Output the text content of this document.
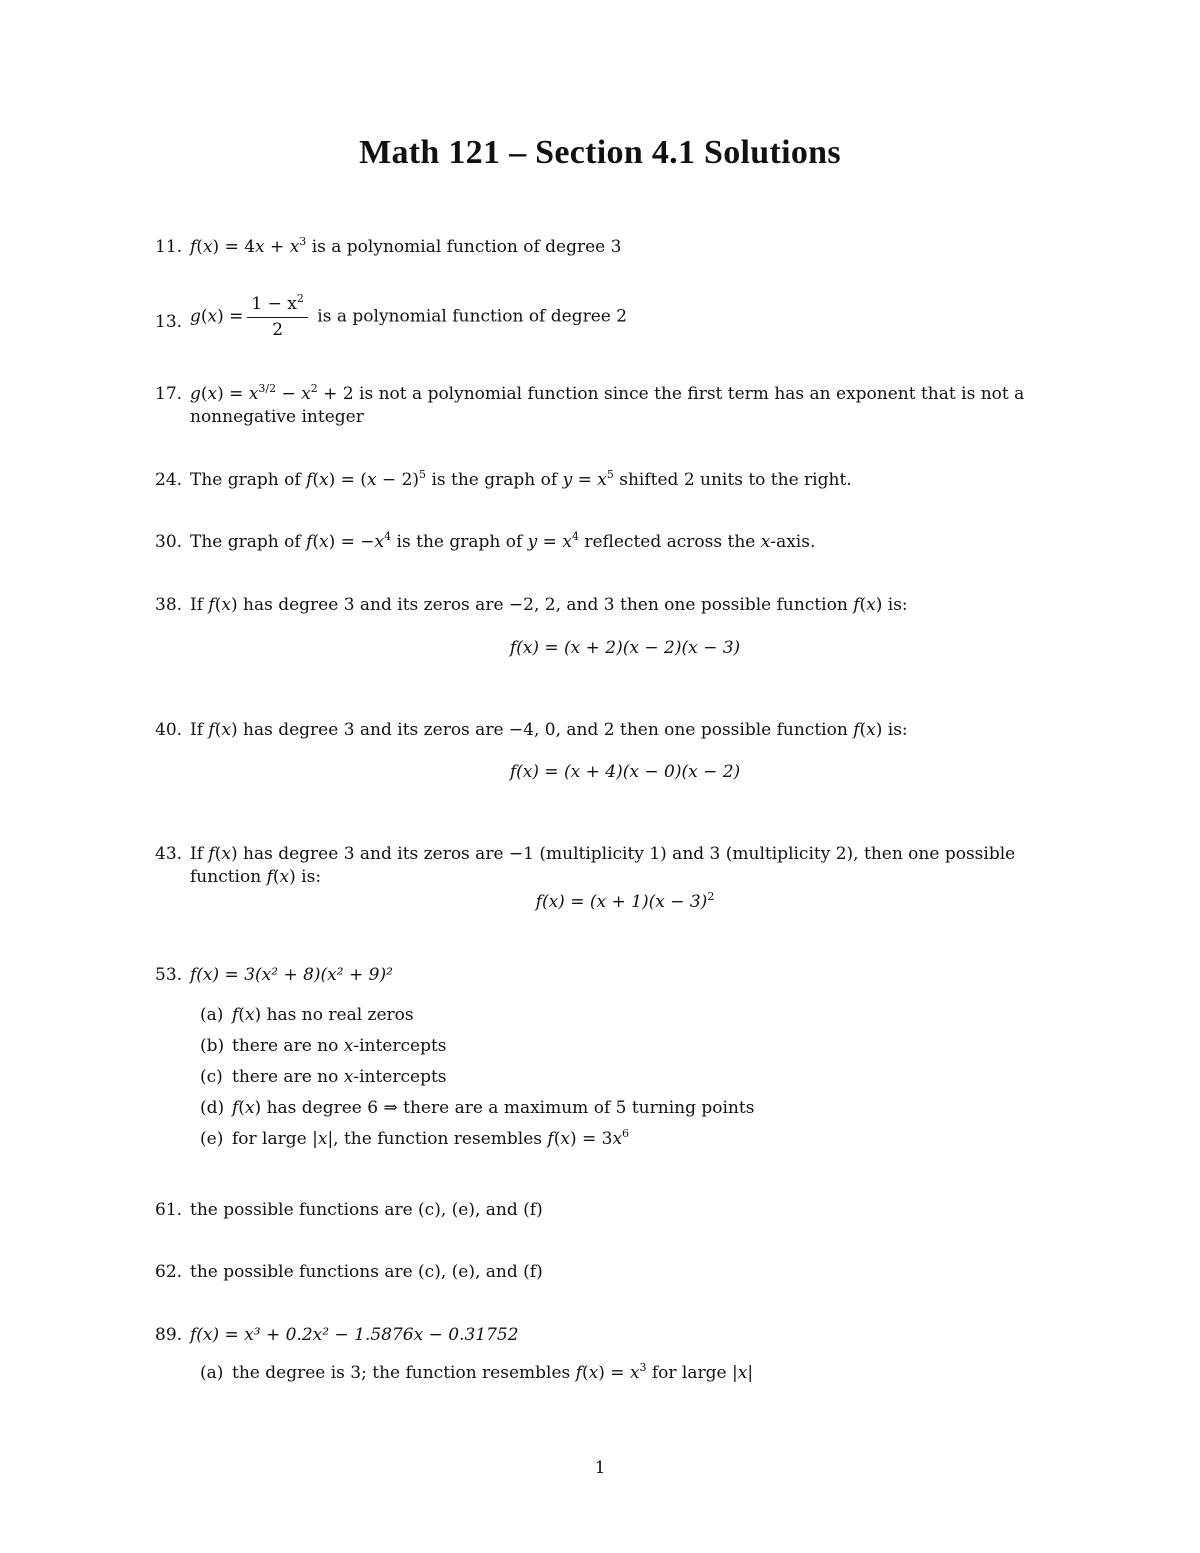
Math 121 – Section 4.1 Solutions
11. $f(x) = 4x + x^3$ is a polynomial function of degree 3
13. $g(x) = \frac{1 - x^2}{2}$ is a polynomial function of degree 2
17. $g(x) = x^{3/2} - x^2 + 2$ is not a polynomial function since the first term has an exponent that is not a
nonnegative integer
24. The graph of $f(x) = (x - 2)^5$ is the graph of $y = x^5$ shifted 2 units to the right.
30. The graph of $f(x) = -x^4$ is the graph of $y = x^4$ reflected across the x-axis.
38. If f(x) has degree 3 and its zeros are −2, 2, and 3 then one possible function f(x) is:
f(x) = (x + 2)(x − 2)(x − 3)
40. If f(x) has degree 3 and its zeros are −4, 0, and 2 then one possible function f(x) is:
f(x) = (x + 4)(x − 0)(x − 2)
43. If f(x) has degree 3 and its zeros are −1 (multiplicity 1) and 3 (multiplicity 2), then one possible
function f(x) is:
$f(x) = (x + 1)(x - 3)^2$
53. f(x) = 3(x² + 8)(x² + 9)²
(a) f(x) has no real zeros
(b) there are no x-intercepts
(c) there are no x-intercepts
(d) f(x) has degree 6 ⇒ there are a maximum of 5 turning points
(e) for large |x|, the function resembles $f(x) = 3x^6$
61. the possible functions are (c), (e), and (f)
62. the possible functions are (c), (e), and (f)
89. f(x) = x³ + 0.2x² − 1.5876x − 0.31752
(a) the degree is 3; the function resembles $f(x) = x^3$ for large |x|
1
